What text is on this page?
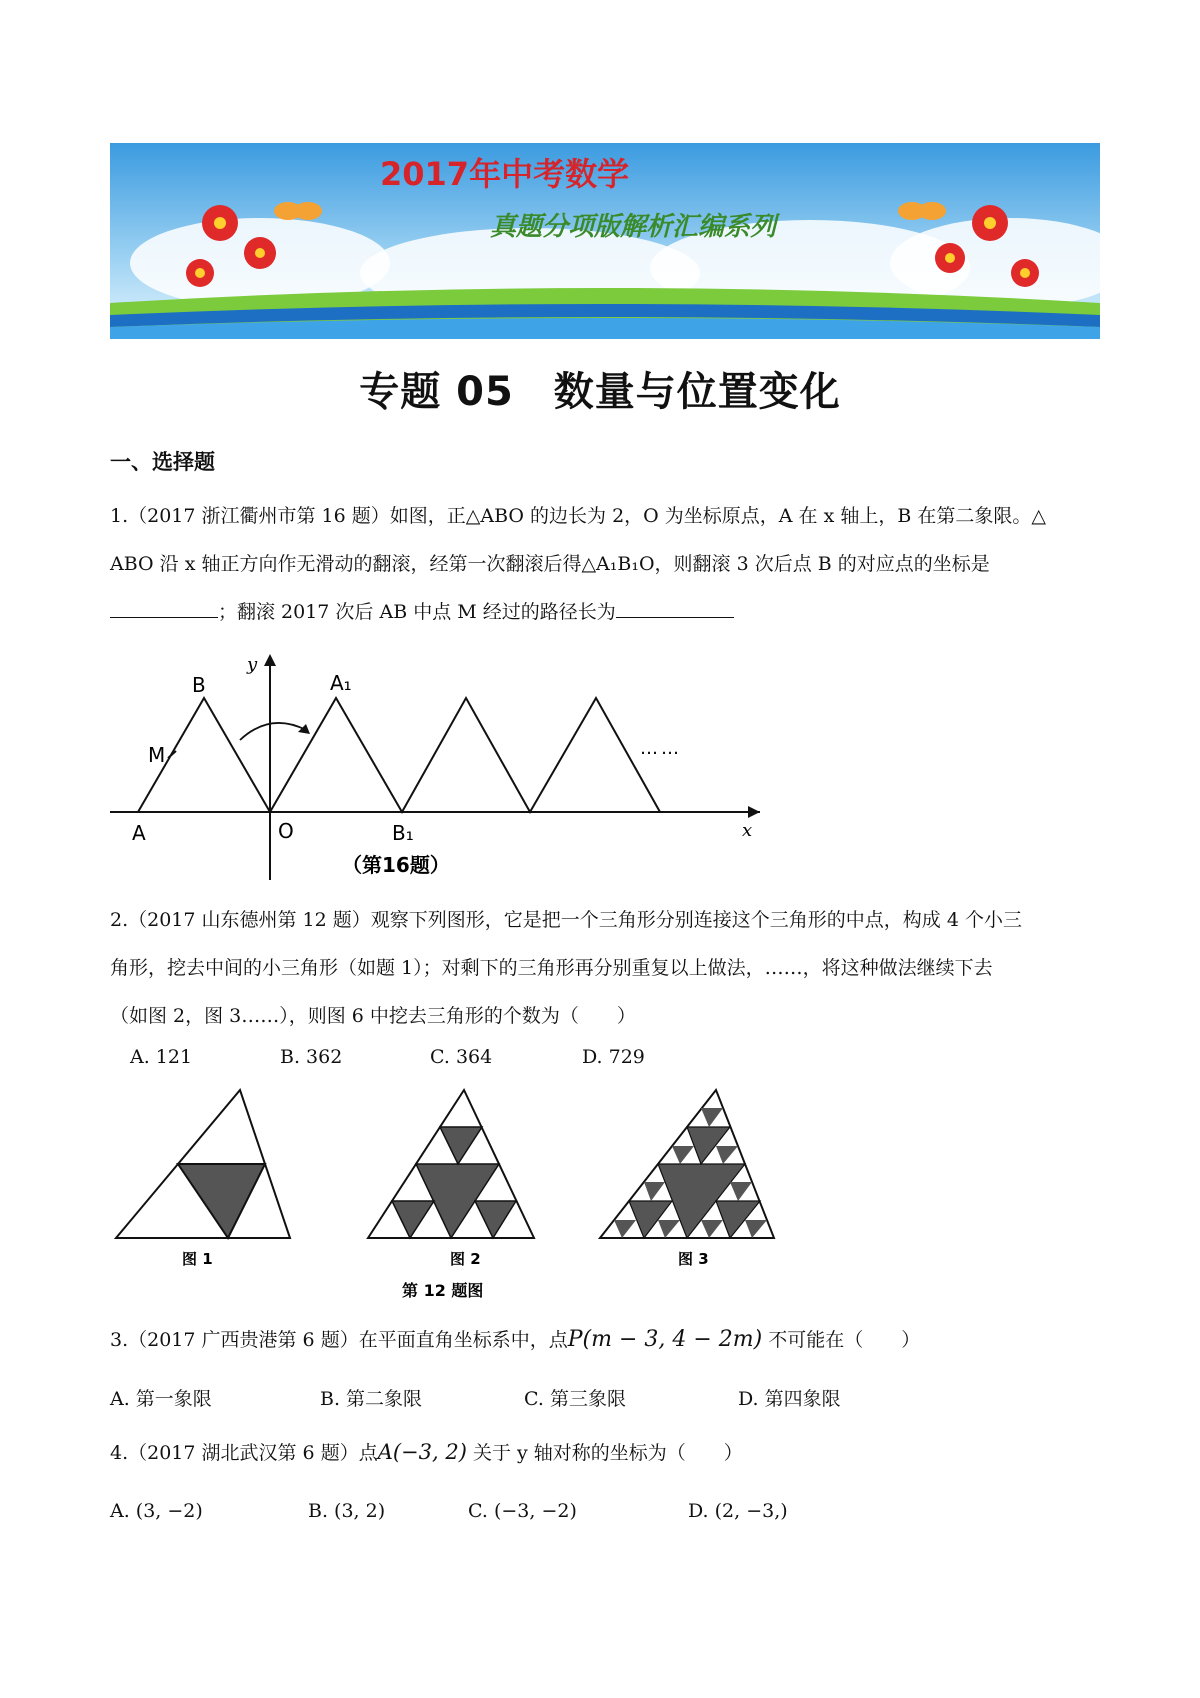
2017年中考数学
真题分项版解析汇编系列
专题 05 数量与位置变化
一、选择题
1.（2017 浙江衢州市第 16 题）如图，正△ABO 的边长为 2，O 为坐标原点，A 在 x 轴上，B 在第二象限。△
ABO 沿 x 轴正方向作无滑动的翻滚，经第一次翻滚后得△A₁B₁O，则翻滚 3 次后点 B 的对应点的坐标是
；翻滚 2017 次后 AB 中点 M 经过的路径长为
B
M
A	O
A₁
B₁
y
x
……
（第16题）
2.（2017 山东德州第 12 题）观察下列图形，它是把一个三角形分别连接这个三角形的中点，构成 4 个小三
角形，挖去中间的小三角形（如题 1）；对剩下的三角形再分别重复以上做法，……，将这种做法继续下去
（如图 2，图 3……），则图 6 中挖去三角形的个数为（　　）
A. 121	B. 362	C. 364	D. 729
图 1	图 2	图 3
第 12 题图
3.（2017 广西贵港第 6 题）在平面直角坐标系中，点P(m − 3, 4 − 2m) 不可能在（　　）
A. 第一象限	B. 第二象限	C. 第三象限	D. 第四象限
4.（2017 湖北武汉第 6 题）点A(−3, 2) 关于 y 轴对称的坐标为（　　）
A. (3, −2)	B. (3, 2)	C. (−3, −2)	D. (2, −3,)
